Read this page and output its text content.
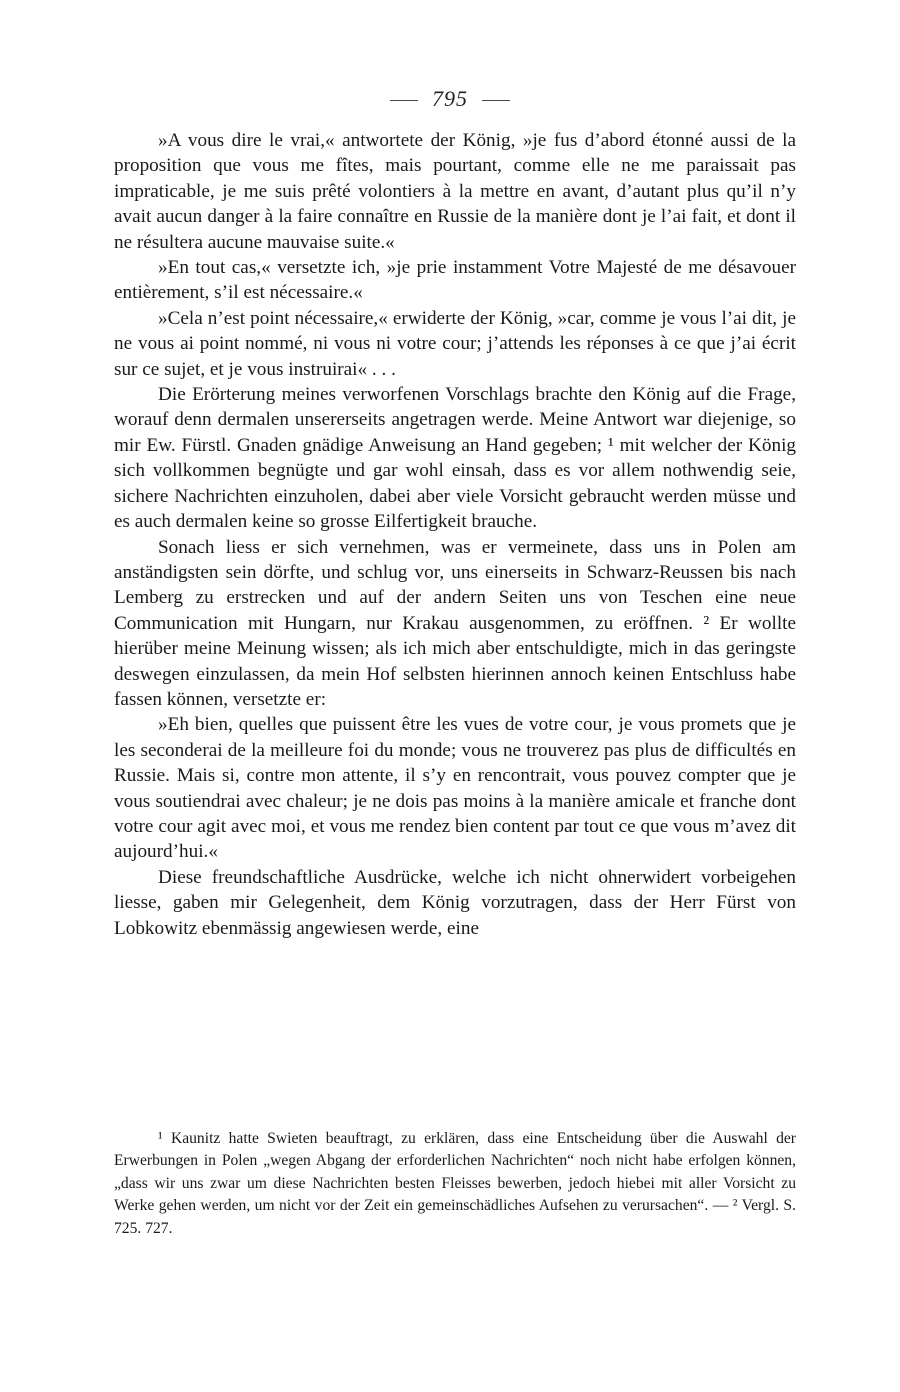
795

»A vous dire le vrai,« antwortete der König, »je fus d’abord étonné aussi de la proposition que vous me fîtes, mais pourtant, comme elle ne me paraissait pas impraticable, je me suis prêté volontiers à la mettre en avant, d’autant plus qu’il n’y avait aucun danger à la faire connaître en Russie de la manière dont je l’ai fait, et dont il ne résultera aucune mauvaise suite.«

»En tout cas,« versetzte ich, »je prie instamment Votre Majesté de me désavouer entièrement, s’il est nécessaire.«

»Cela n’est point nécessaire,« erwiderte der König, »car, comme je vous l’ai dit, je ne vous ai point nommé, ni vous ni votre cour; j’attends les réponses à ce que j’ai écrit sur ce sujet, et je vous instruirai« . . .

Die Erörterung meines verworfenen Vorschlags brachte den König auf die Frage, worauf denn dermalen unsererseits angetragen werde. Meine Antwort war diejenige, so mir Ew. Fürstl. Gnaden gnädige Anweisung an Hand gegeben; ¹ mit welcher der König sich vollkommen begnügte und gar wohl einsah, dass es vor allem nothwendig seie, sichere Nachrichten einzuholen, dabei aber viele Vorsicht gebraucht werden müsse und es auch dermalen keine so grosse Eilfertigkeit brauche.

Sonach liess er sich vernehmen, was er vermeinete, dass uns in Polen am anständigsten sein dörfte, und schlug vor, uns einerseits in Schwarz-Reussen bis nach Lemberg zu erstrecken und auf der andern Seiten uns von Teschen eine neue Communication mit Hungarn, nur Krakau ausgenommen, zu eröffnen. ² Er wollte hierüber meine Meinung wissen; als ich mich aber entschuldigte, mich in das geringste deswegen einzulassen, da mein Hof selbsten hierinnen annoch keinen Entschluss habe fassen können, versetzte er:

»Eh bien, quelles que puissent être les vues de votre cour, je vous promets que je les seconderai de la meilleure foi du monde; vous ne trouverez pas plus de difficultés en Russie. Mais si, contre mon attente, il s’y en rencontrait, vous pouvez compter que je vous soutiendrai avec chaleur; je ne dois pas moins à la manière amicale et franche dont votre cour agit avec moi, et vous me rendez bien content par tout ce que vous m’avez dit aujourd’hui.«

Diese freundschaftliche Ausdrücke, welche ich nicht ohnerwidert vorbeigehen liesse, gaben mir Gelegenheit, dem König vorzutragen, dass der Herr Fürst von Lobkowitz ebenmässig angewiesen werde, eine

¹ Kaunitz hatte Swieten beauftragt, zu erklären, dass eine Entscheidung über die Auswahl der Erwerbungen in Polen „wegen Abgang der erforderlichen Nachrichten“ noch nicht habe erfolgen können, „dass wir uns zwar um diese Nachrichten besten Fleisses bewerben, jedoch hiebei mit aller Vorsicht zu Werke gehen werden, um nicht vor der Zeit ein gemeinschädliches Aufsehen zu verursachen“. — ² Vergl. S. 725. 727.
